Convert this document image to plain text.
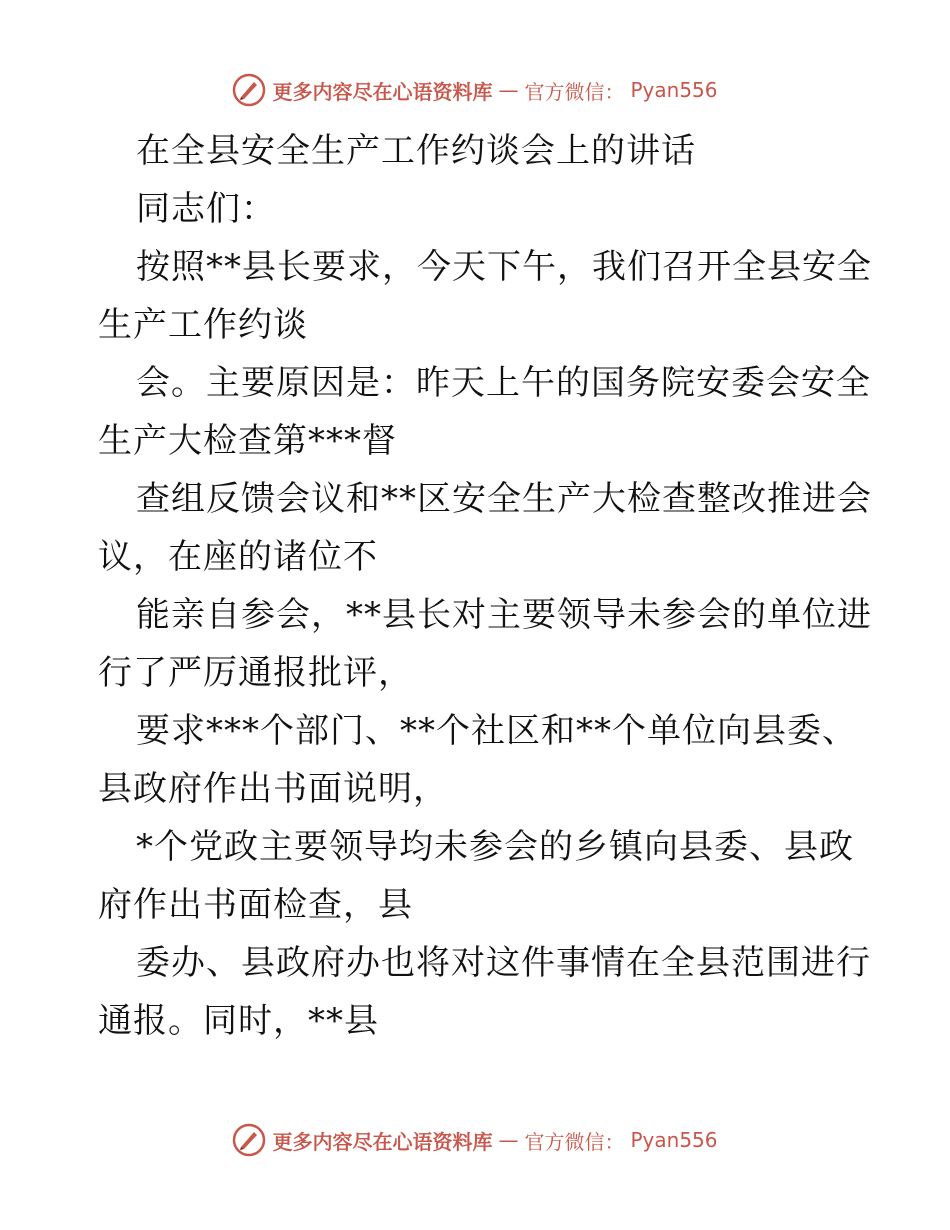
更多内容尽在心语资料库 — 官方微信： Pyan556
在全县安全生产工作约谈会上的讲话
同志们：
按照**县长要求，今天下午，我们召开全县安全
生产工作约谈
会。主要原因是：昨天上午的国务院安委会安全
生产大检查第***督
查组反馈会议和**区安全生产大检查整改推进会
议，在座的诸位不
能亲自参会，**县长对主要领导未参会的单位进
行了严厉通报批评，
要求***个部门、**个社区和**个单位向县委、
县政府作出书面说明，
*个党政主要领导均未参会的乡镇向县委、县政
府作出书面检查，县
委办、县政府办也将对这件事情在全县范围进行
通报。同时，**县
更多内容尽在心语资料库 — 官方微信： Pyan556
